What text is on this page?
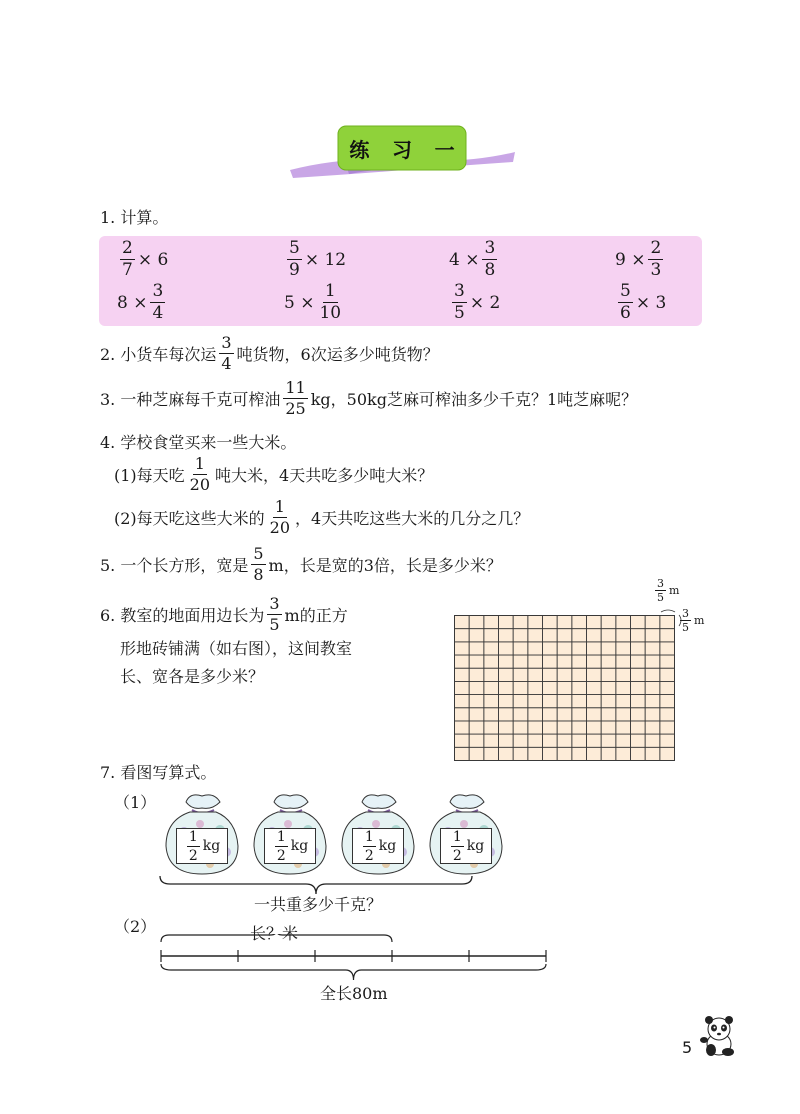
练 习 一
1. 计算。
$\frac{2}{7} \times 6$	$\frac{5}{9} \times 12$	$4 \times \frac{3}{8}$	$9 \times \frac{2}{3}$
$8 \times \frac{3}{4}$	$5 \times \frac{1}{10}$	$\frac{3}{5} \times 2$	$\frac{5}{6} \times 3$
2. 小货车每次运 $\frac{3}{4}$ 吨货物，6次运多少吨货物？
3. 一种芝麻每千克可榨油 $\frac{11}{25}$ kg，50kg芝麻可榨油多少千克？1吨芝麻呢？
4. 学校食堂买来一些大米。
(1)每天吃 $\frac{1}{20}$ 吨大米，4天共吃多少吨大米？
(2)每天吃这些大米的 $\frac{1}{20}$ ，4天共吃这些大米的几分之几？
5. 一个长方形，宽是 $\frac{5}{8}$ m，长是宽的3倍，长是多少米？
6. 教室的地面用边长为 $\frac{3}{5}$ m的正方
形地砖铺满（如右图），这间教室
长、宽各是多少米？
$\frac{3}{5}$ m
$\frac{3}{5}$ m
7. 看图写算式。
（1）
$\frac{1}{2}$ kg	$\frac{1}{2}$ kg	$\frac{1}{2}$ kg	$\frac{1}{2}$ kg
一共重多少千克？
（2）	长？米
全长80m
5
